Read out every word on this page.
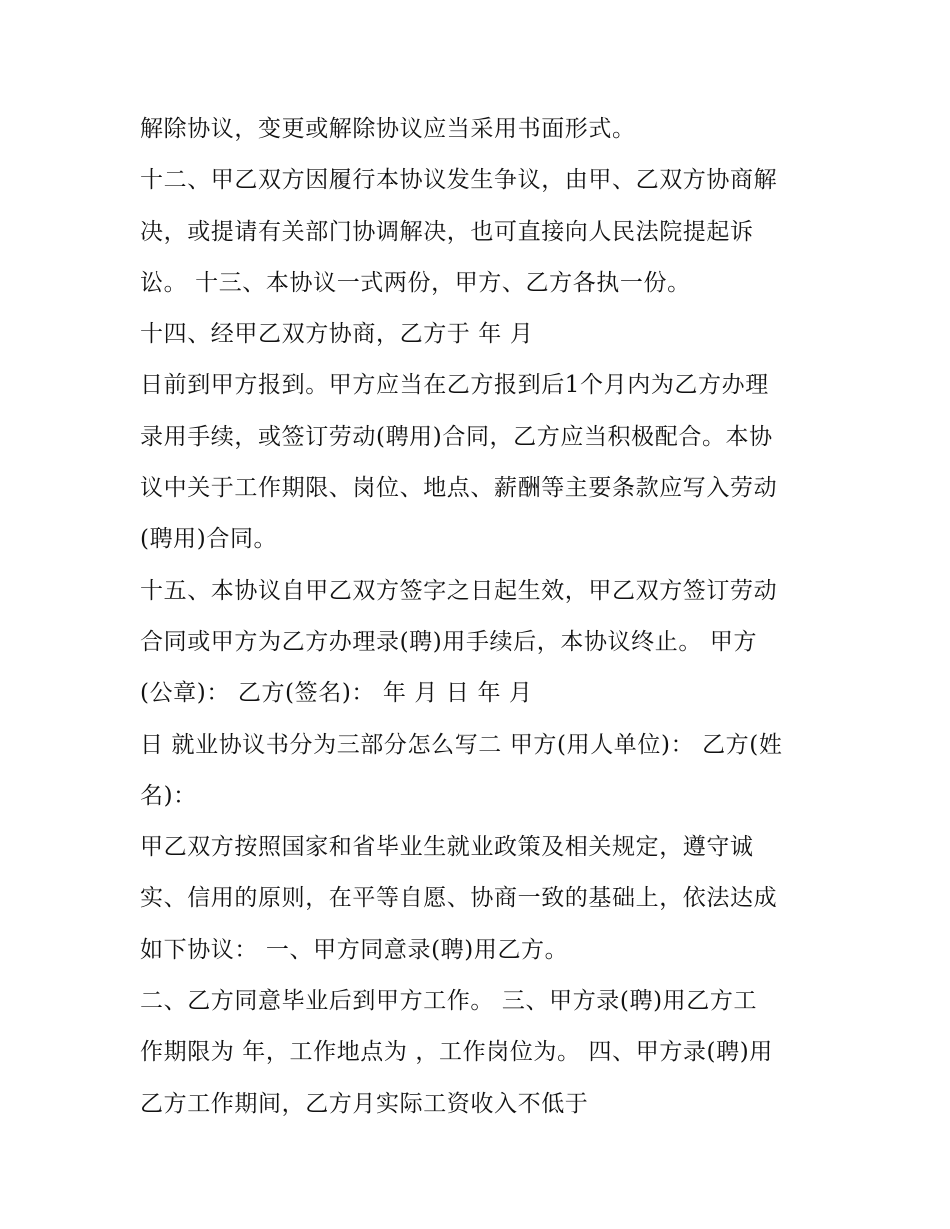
解除协议，变更或解除协议应当采用书面形式。
十二、甲乙双方因履行本协议发生争议，由甲、乙双方协商解
决，或提请有关部门协调解决，也可直接向人民法院提起诉
讼。 十三、本协议一式两份，甲方、乙方各执一份。
十四、经甲乙双方协商，乙方于 年 月
日前到甲方报到。甲方应当在乙方报到后1个月内为乙方办理
录用手续，或签订劳动(聘用)合同，乙方应当积极配合。本协
议中关于工作期限、岗位、地点、薪酬等主要条款应写入劳动
(聘用)合同。
十五、本协议自甲乙双方签字之日起生效，甲乙双方签订劳动
合同或甲方为乙方办理录(聘)用手续后，本协议终止。 甲方
(公章)： 乙方(签名)： 年 月 日 年 月
日 就业协议书分为三部分怎么写二 甲方(用人单位)： 乙方(姓
名)：
甲乙双方按照国家和省毕业生就业政策及相关规定，遵守诚
实、信用的原则，在平等自愿、协商一致的基础上，依法达成
如下协议： 一、甲方同意录(聘)用乙方。
二、乙方同意毕业后到甲方工作。 三、甲方录(聘)用乙方工
作期限为 年，工作地点为 ，工作岗位为。 四、甲方录(聘)用
乙方工作期间，乙方月实际工资收入不低于
